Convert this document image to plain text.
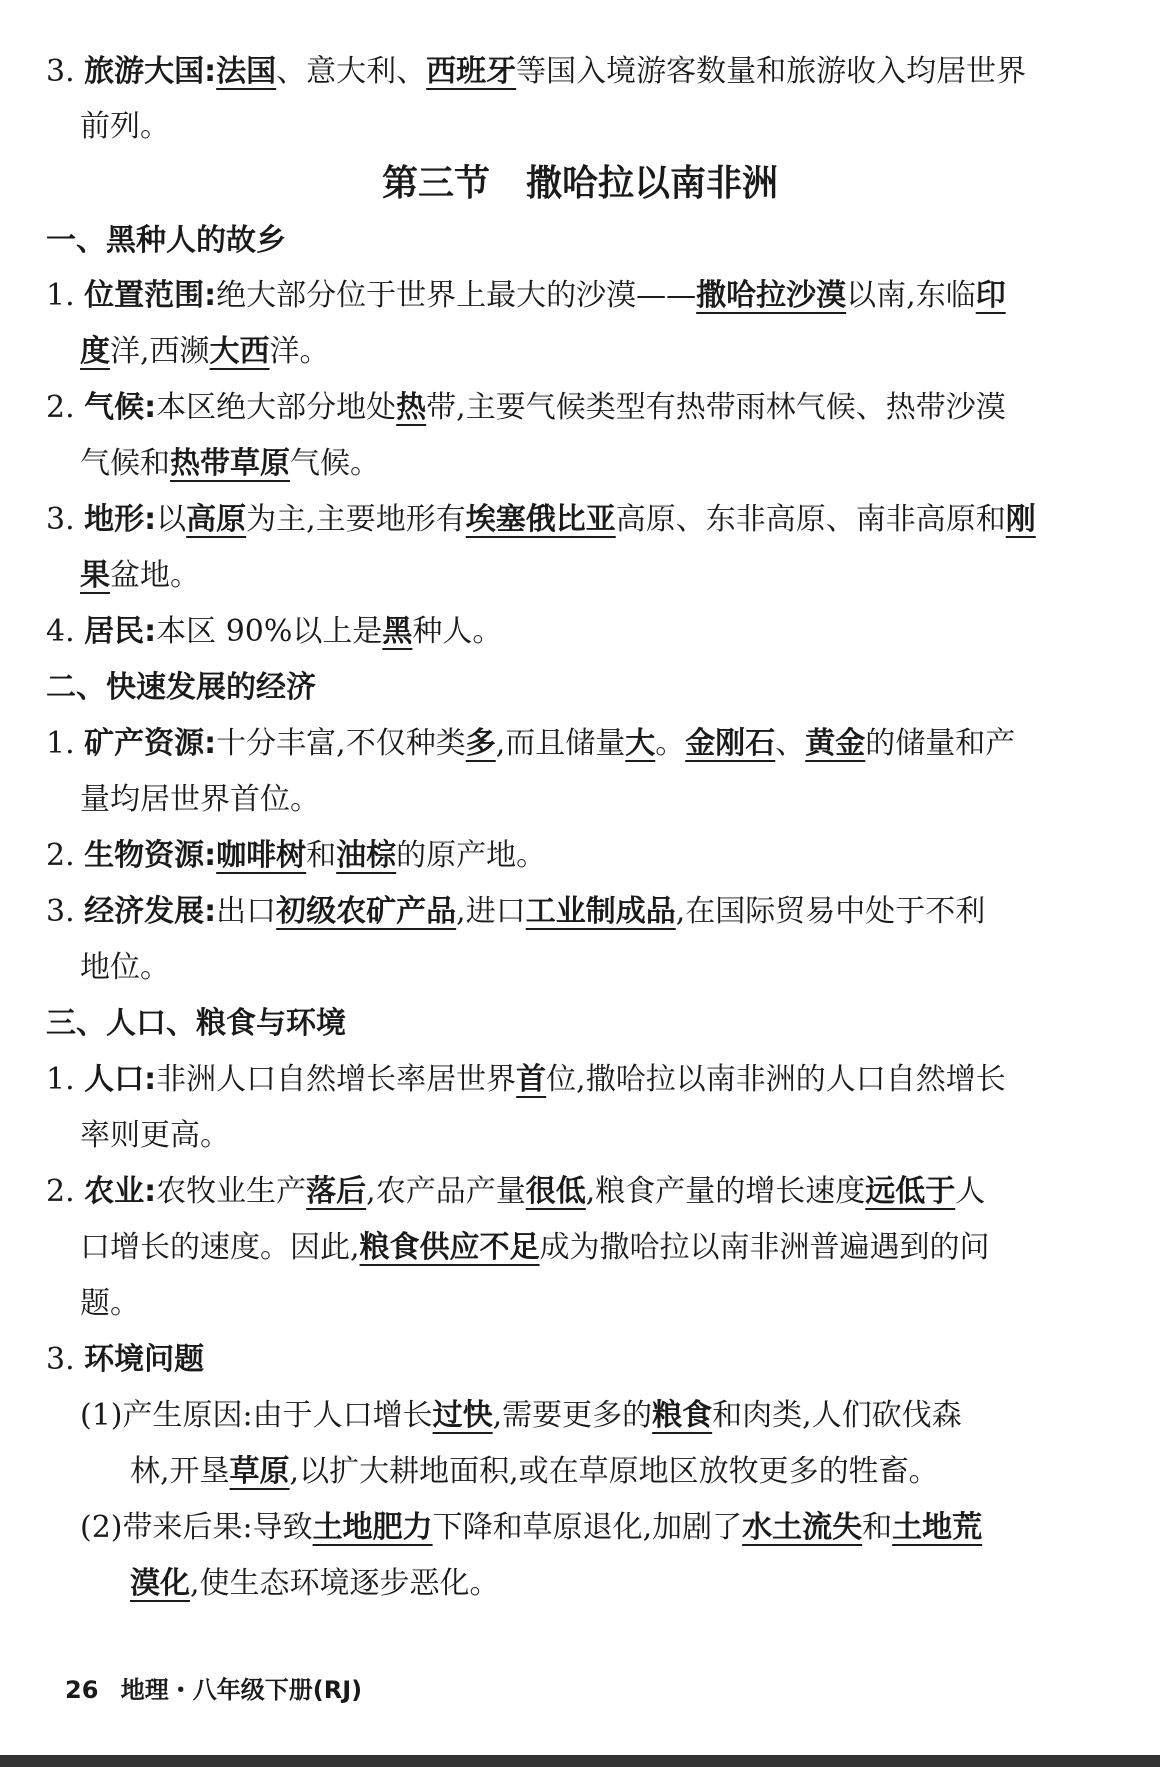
第三节　撒哈拉以南非洲
3. 旅游大国:法国、意大利、西班牙等国入境游客数量和旅游收入均居世界
前列。
一、黑种人的故乡
1. 位置范围:绝大部分位于世界上最大的沙漠——撒哈拉沙漠以南,东临印
度洋,西濒大西洋。
2. 气候:本区绝大部分地处热带,主要气候类型有热带雨林气候、热带沙漠
气候和热带草原气候。
3. 地形:以高原为主,主要地形有埃塞俄比亚高原、东非高原、南非高原和刚
果盆地。
4. 居民:本区 90%以上是黑种人。
二、快速发展的经济
1. 矿产资源:十分丰富,不仅种类多,而且储量大。金刚石、黄金的储量和产
量均居世界首位。
2. 生物资源:咖啡树和油棕的原产地。
3. 经济发展:出口初级农矿产品,进口工业制成品,在国际贸易中处于不利
地位。
三、人口、粮食与环境
1. 人口:非洲人口自然增长率居世界首位,撒哈拉以南非洲的人口自然增长
率则更高。
2. 农业:农牧业生产落后,农产品产量很低,粮食产量的增长速度远低于人
口增长的速度。因此,粮食供应不足成为撒哈拉以南非洲普遍遇到的问
题。
3. 环境问题
(1)产生原因:由于人口增长过快,需要更多的粮食和肉类,人们砍伐森
林,开垦草原,以扩大耕地面积,或在草原地区放牧更多的牲畜。
(2)带来后果:导致土地肥力下降和草原退化,加剧了水土流失和土地荒
漠化,使生态环境逐步恶化。
26 地理・八年级下册(RJ)
